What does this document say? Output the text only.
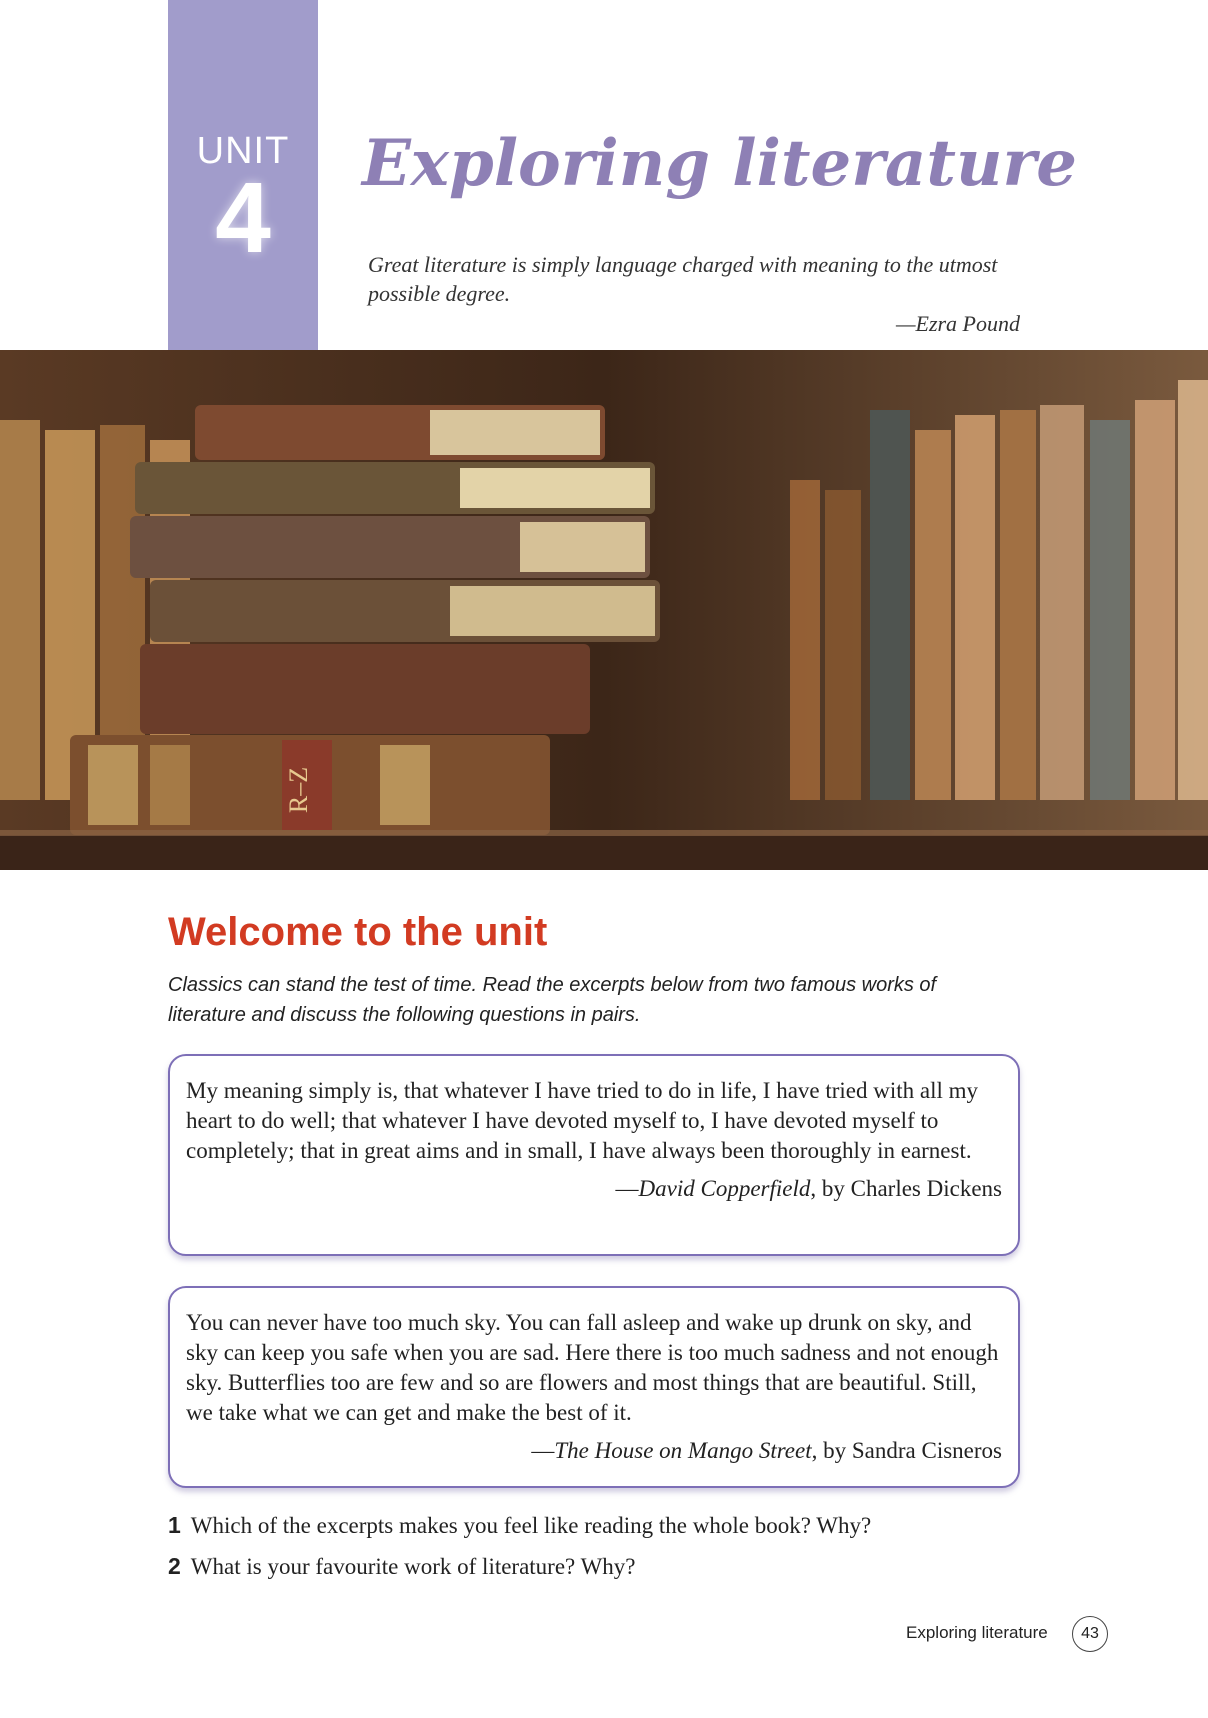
UNIT
4	Exploring literature
Great literature is simply language charged with meaning to the utmost possible degree.
—Ezra Pound
R–Z
Welcome to the unit
Classics can stand the test of time. Read the excerpts below from two famous works of literature and discuss the following questions in pairs.
My meaning simply is, that whatever I have tried to do in life, I have tried with all my heart to do well; that whatever I have devoted myself to, I have devoted myself to completely; that in great aims and in small, I have always been thoroughly in earnest.
—David Copperfield, by Charles Dickens
You can never have too much sky. You can fall asleep and wake up drunk on sky, and sky can keep you safe when you are sad. Here there is too much sadness and not enough sky. Butterflies too are few and so are flowers and most things that are beautiful. Still, we take what we can get and make the best of it.
—The House on Mango Street, by Sandra Cisneros
1 Which of the excerpts makes you feel like reading the whole book? Why?
2 What is your favourite work of literature? Why?
Exploring literature	43
